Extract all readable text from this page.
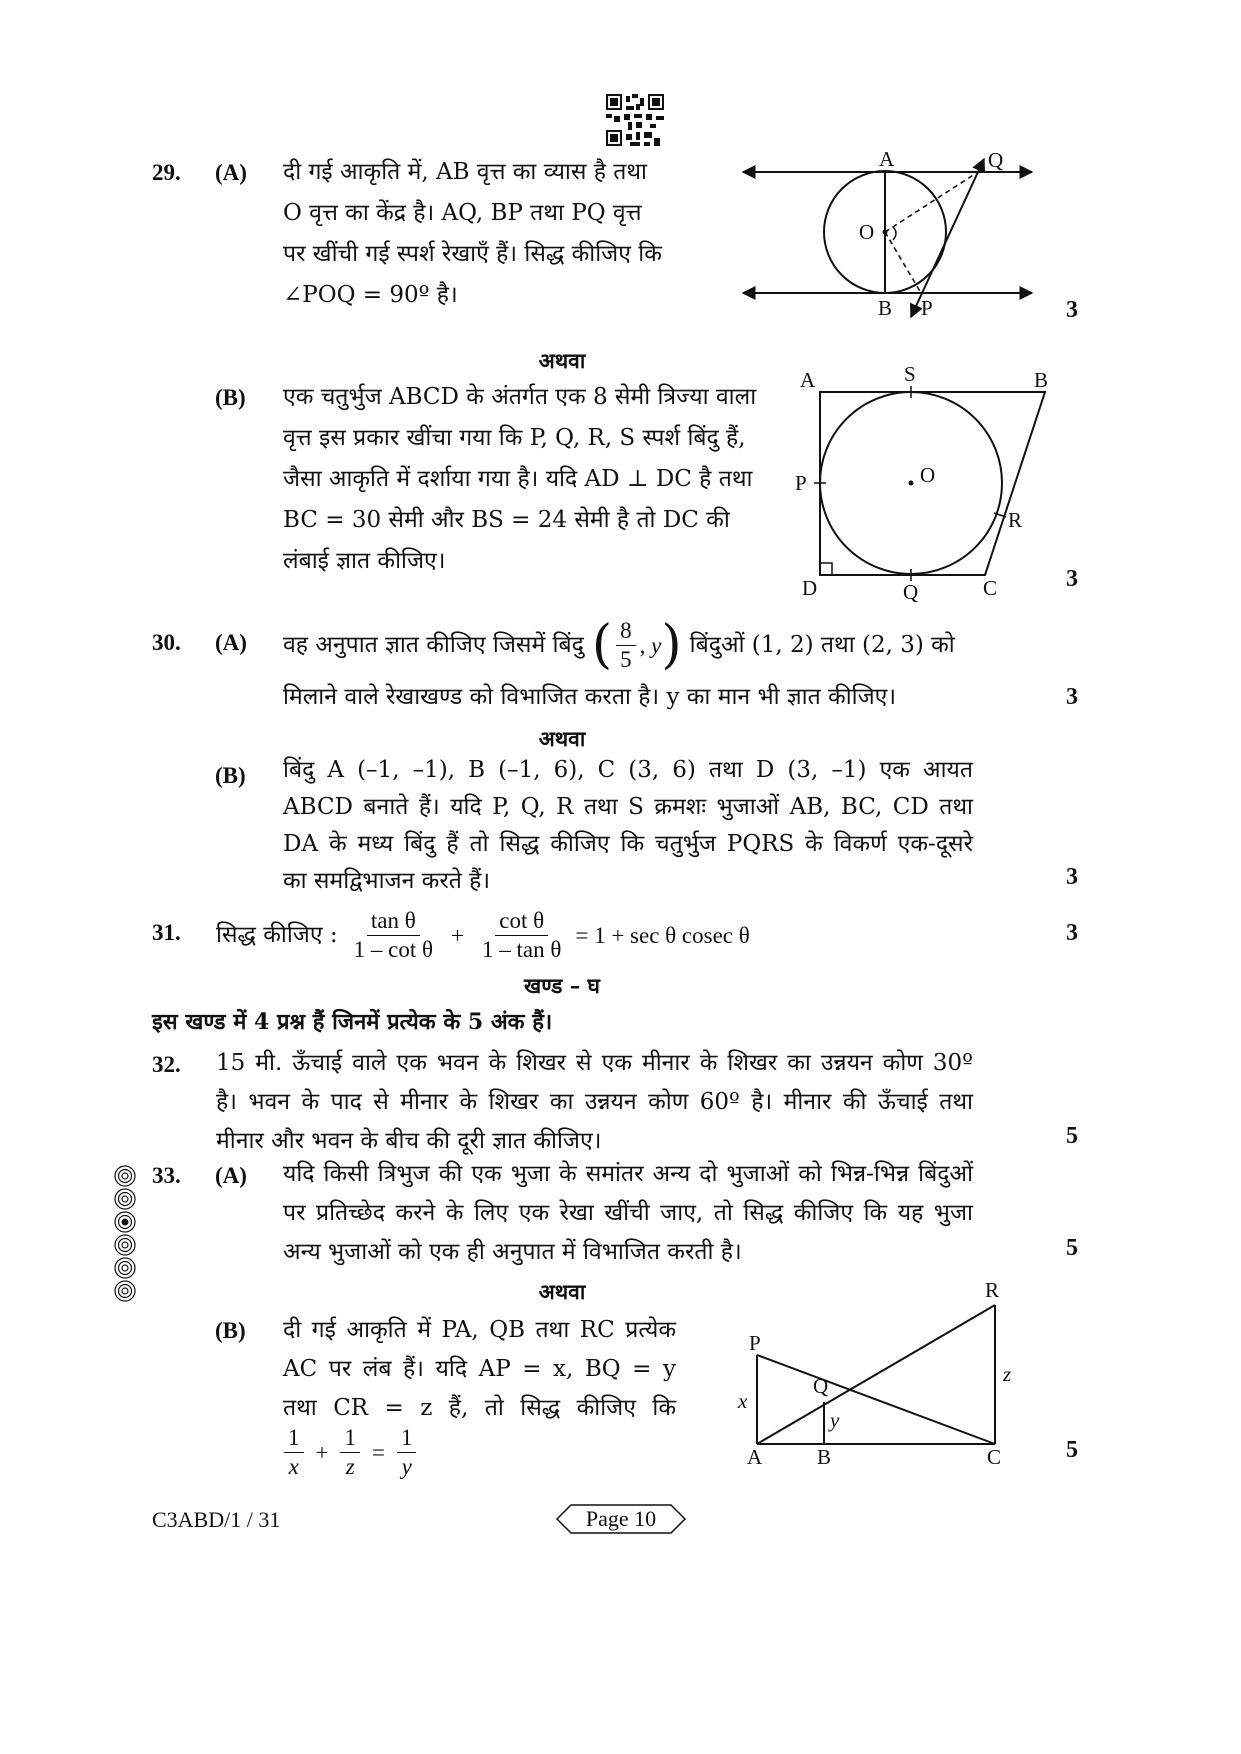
29. (A) दी गई आकृति में, AB वृत्त का व्यास है तथा
O वृत्त का केंद्र है। AQ, BP तथा PQ वृत्त
पर खींची गई स्पर्श रेखाएँ हैं। सिद्ध कीजिए कि
∠POQ = 90º है।
3
A	Q
O
B P
अथवा
(B) एक चतुर्भुज ABCD के अंतर्गत एक 8 सेमी त्रिज्या वाला
वृत्त इस प्रकार खींचा गया कि P, Q, R, S स्पर्श बिंदु हैं,
जैसा आकृति में दर्शाया गया है। यदि AD ⊥ DC है तथा
BC = 30 सेमी और BS = 24 सेमी है तो DC की
लंबाई ज्ञात कीजिए।
3
A	S	B
P	O
R
D	Q	C
30. (A) वह अनुपात ज्ञात कीजिए जिसमें बिंदु ( $\frac{8}{5}$ , y ) बिंदुओं (1, 2) तथा (2, 3) को
मिलाने वाले रेखाखण्ड को विभाजित करता है। y का मान भी ज्ञात कीजिए।	3
अथवा
(B) बिंदु A (–1, –1), B (–1, 6), C (3, 6) तथा D (3, –1) एक आयत
ABCD बनाते हैं। यदि P, Q, R तथा S क्रमशः भुजाओं AB, BC, CD तथा
DA के मध्य बिंदु हैं तो सिद्ध कीजिए कि चतुर्भुज PQRS के विकर्ण एक-दूसरे
का समद्विभाजन करते हैं।	3
31. सिद्ध कीजिए : $\frac{\text{tan θ}}{\text{1 – cot θ}} + \frac{\text{cot θ}}{\text{1 – tan θ}} = 1 + \sec \theta$ cosec θ	3
खण्ड – घ
इस खण्ड में 4 प्रश्न हैं जिनमें प्रत्येक के 5 अंक हैं।
32. 15 मी. ऊँचाई वाले एक भवन के शिखर से एक मीनार के शिखर का उन्नयन कोण 30º
है। भवन के पाद से मीनार के शिखर का उन्नयन कोण 60º है। मीनार की ऊँचाई तथा
मीनार और भवन के बीच की दूरी ज्ञात कीजिए।	5
33. (A) यदि किसी त्रिभुज की एक भुजा के समांतर अन्य दो भुजाओं को भिन्न-भिन्न बिंदुओं
पर प्रतिच्छेद करने के लिए एक रेखा खींची जाए, तो सिद्ध कीजिए कि यह भुजा
अन्य भुजाओं को एक ही अनुपात में विभाजित करती है।	5
अथवा
(B) दी गई आकृति में PA, QB तथा RC प्रत्येक
AC पर लंब हैं। यदि AP = x, BQ = y
तथा CR = z हैं, तो सिद्ध कीजिए कि
$\frac{1}{x} + \frac{1}{z} = \frac{1}{y}$	5
R
P
Q	z
x
y
A	B	C
C3ABD/1 / 31	Page 10
